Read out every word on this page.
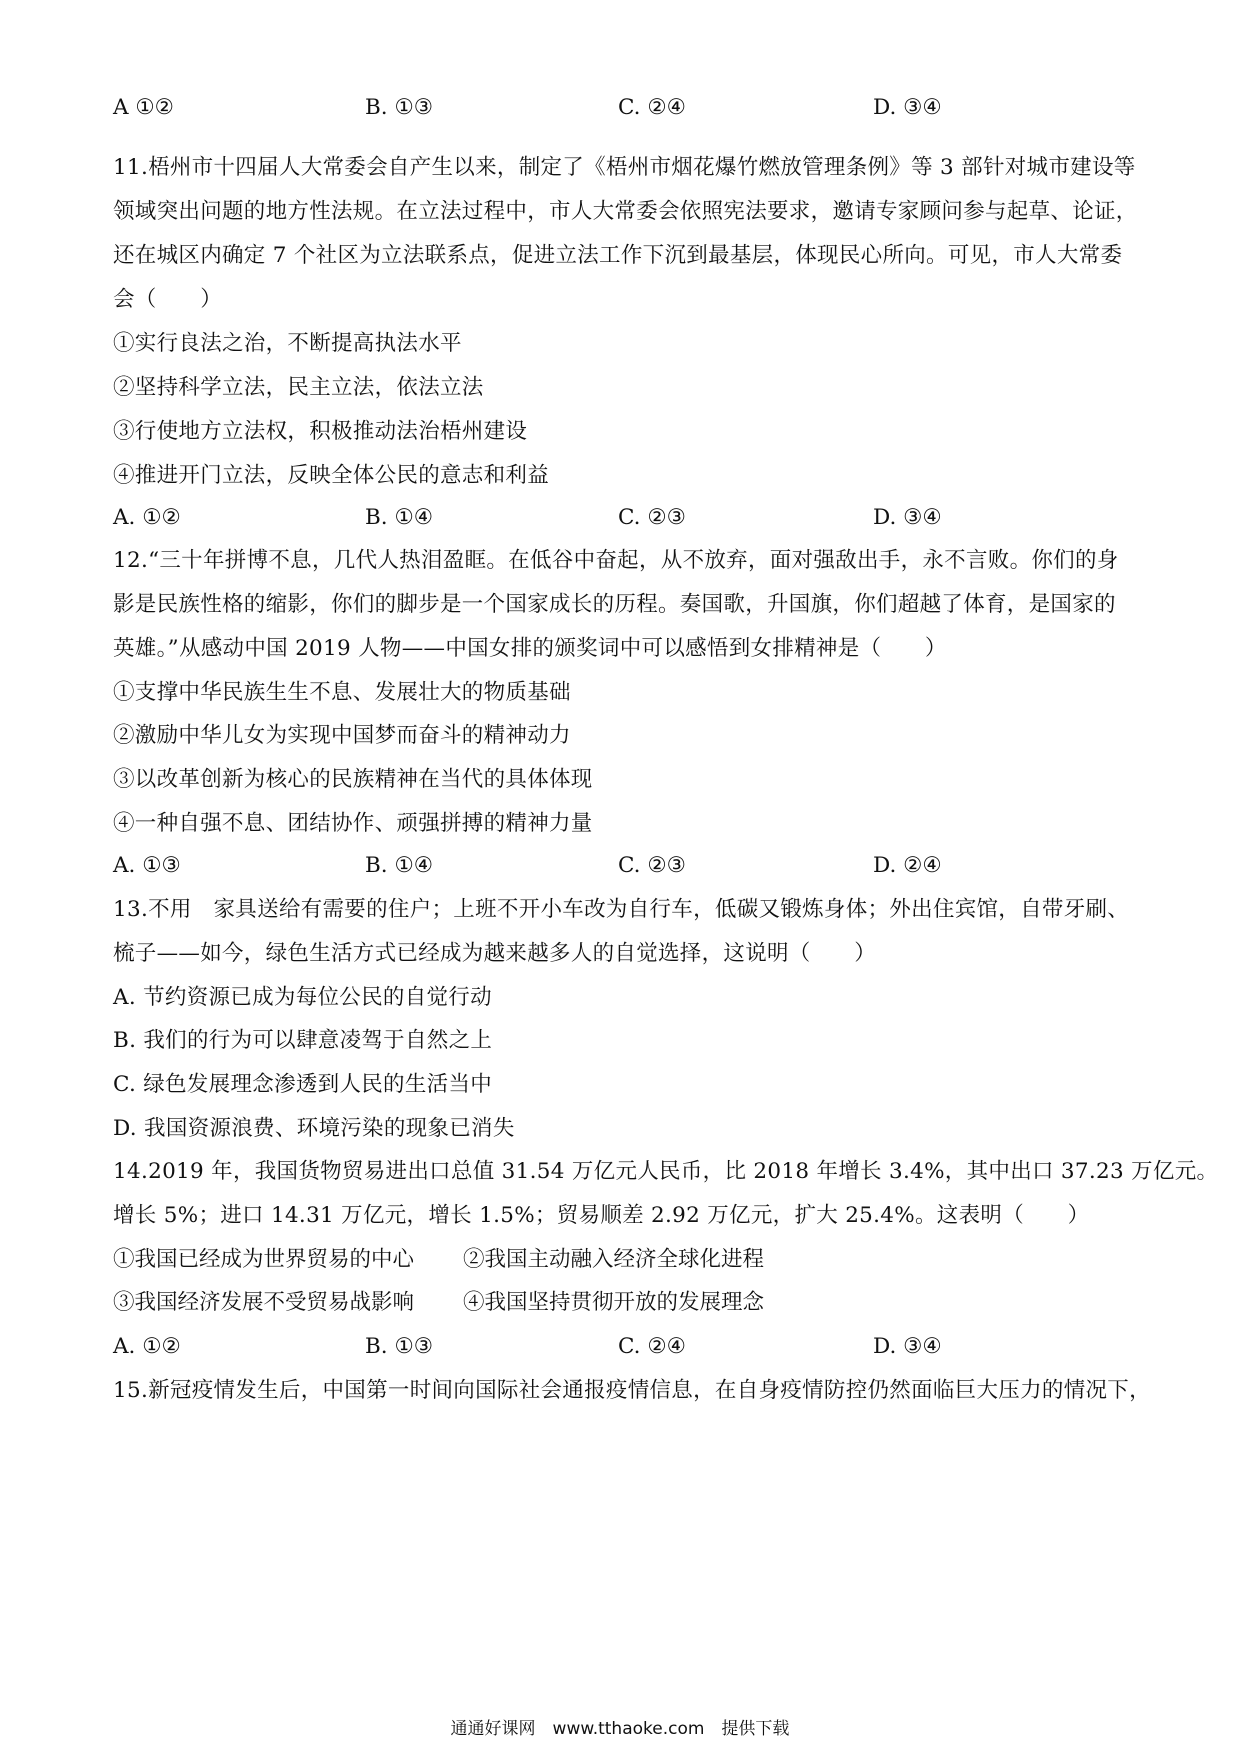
A ①②	B. ①③	C. ②④	D. ③④
11.梧州市十四届人大常委会自产生以来，制定了《梧州市烟花爆竹燃放管理条例》等 3 部针对城市建设等
领域突出问题的地方性法规。在立法过程中，市人大常委会依照宪法要求，邀请专家顾问参与起草、论证，
还在城区内确定 7 个社区为立法联系点，促进立法工作下沉到最基层，体现民心所向。可见，市人大常委
会（　　）
①实行良法之治，不断提高执法水平
②坚持科学立法，民主立法，依法立法
③行使地方立法权，积极推动法治梧州建设
④推进开门立法，反映全体公民的意志和利益
A. ①②	B. ①④	C. ②③	D. ③④
12.“三十年拼博不息，几代人热泪盈眶。在低谷中奋起，从不放弃，面对强敌出手，永不言败。你们的身
影是民族性格的缩影，你们的脚步是一个国家成长的历程。奏国歌，升国旗，你们超越了体育，是国家的
英雄。”从感动中国 2019 人物——中国女排的颁奖词中可以感悟到女排精神是（　　）
①支撑中华民族生生不息、发展壮大的物质基础
②激励中华儿女为实现中国梦而奋斗的精神动力
③以改革创新为核心的民族精神在当代的具体体现
④一种自强不息、团结协作、顽强拼搏的精神力量
A. ①③	B. ①④	C. ②③	D. ②④
13.不用　家具送给有需要的住户；上班不开小车改为自行车，低碳又锻炼身体；外出住宾馆，自带牙刷、
梳子——如今，绿色生活方式已经成为越来越多人的自觉选择，这说明（　　）
A. 节约资源已成为每位公民的自觉行动
B. 我们的行为可以肆意凌驾于自然之上
C. 绿色发展理念渗透到人民的生活当中
D. 我国资源浪费、环境污染的现象已消失
14.2019 年，我国货物贸易进出口总值 31.54 万亿元人民币，比 2018 年增长 3.4%，其中出口 37.23 万亿元。
增长 5%；进口 14.31 万亿元，增长 1.5%；贸易顺差 2.92 万亿元，扩大 25.4%。这表明（　　）
①我国已经成为世界贸易的中心 ②我国主动融入经济全球化进程
③我国经济发展不受贸易战影响 ④我国坚持贯彻开放的发展理念
A. ①②	B. ①③	C. ②④	D. ③④
15.新冠疫情发生后，中国第一时间向国际社会通报疫情信息，在自身疫情防控仍然面临巨大压力的情况下，
通通好课网　www.tthaoke.com　提供下载
